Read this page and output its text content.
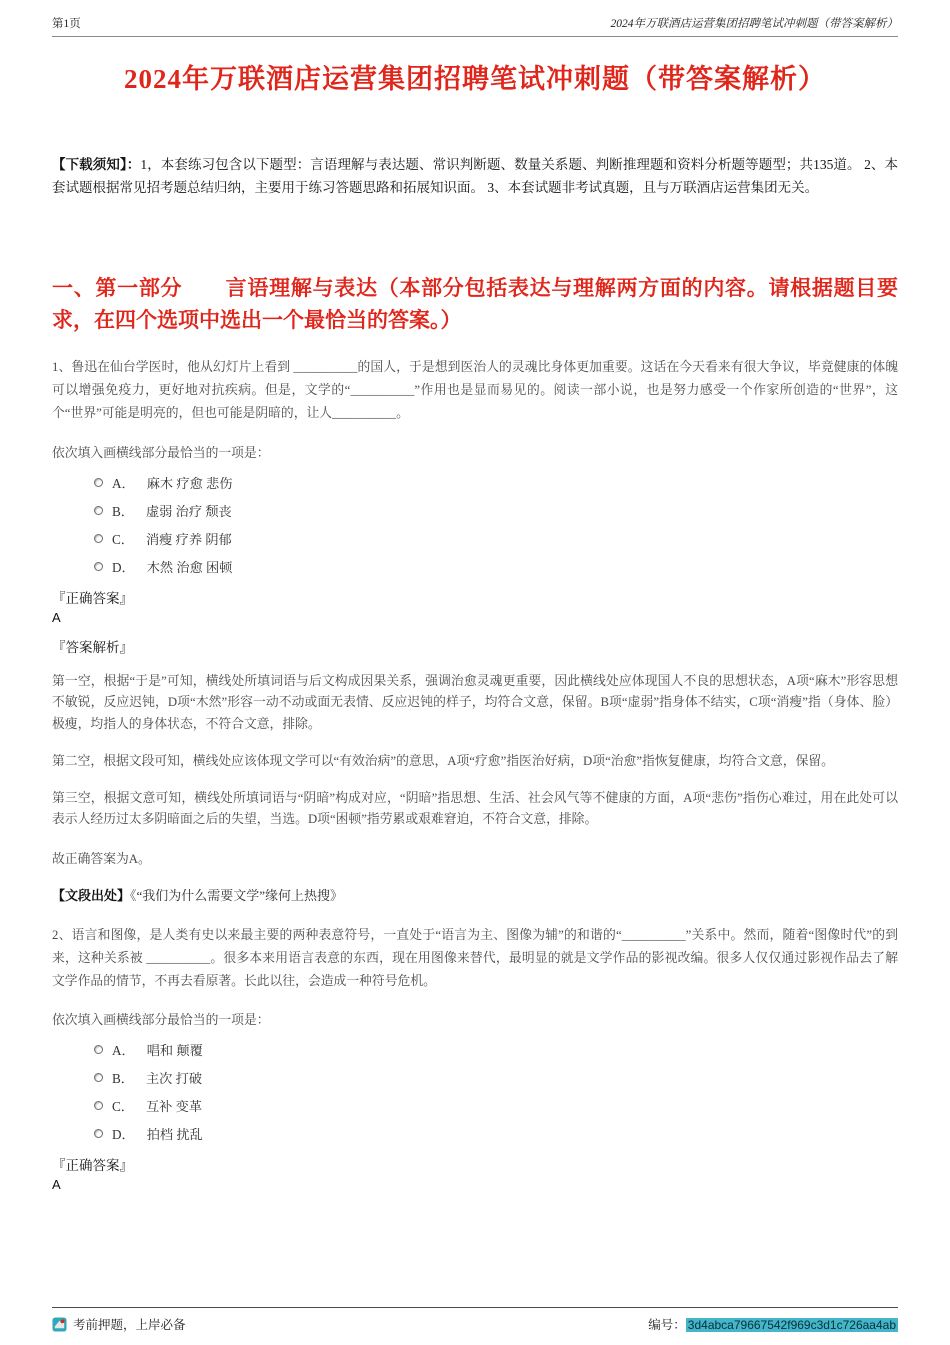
第1页	2024年万联酒店运营集团招聘笔试冲刺题（带答案解析）
2024年万联酒店运营集团招聘笔试冲刺题（带答案解析）

【下载须知】：1，本套练习包含以下题型：言语理解与表达题、常识判断题、数量关系题、判断推理题和资料分析题等题型；共135道。 2、本套试题根据常见招考题总结归纳，主要用于练习答题思路和拓展知识面。 3、本套试题非考试真题，且与万联酒店运营集团无关。

一、第一部分　　言语理解与表达（本部分包括表达与理解两方面的内容。请根据题目要求，在四个选项中选出一个最恰当的答案。）

1、鲁迅在仙台学医时，他从幻灯片上看到 __________的国人，于是想到医治人的灵魂比身体更加重要。这话在今天看来有很大争议，毕竟健康的体魄可以增强免疫力，更好地对抗疾病。但是，文学的“__________”作用也是显而易见的。阅读一部小说，也是努力感受一个作家所创造的“世界”，这个“世界”可能是明亮的，但也可能是阴暗的，让人__________。

依次填入画横线部分最恰当的一项是：

A． 麻木 疗愈 悲伤
B． 虚弱 治疗 颓丧
C． 消瘦 疗养 阴郁
D． 木然 治愈 困顿

『正确答案』

A

『答案解析』

第一空，根据“于是”可知，横线处所填词语与后文构成因果关系，强调治愈灵魂更重要，因此横线处应体现国人不良的思想状态，A项“麻木”形容思想不敏锐，反应迟钝，D项“木然”形容一动不动或面无表情、反应迟钝的样子，均符合文意，保留。B项“虚弱”指身体不结实，C项“消瘦”指（身体、脸）极瘦，均指人的身体状态，不符合文意，排除。

第二空，根据文段可知，横线处应该体现文学可以“有效治病”的意思，A项“疗愈”指医治好病，D项“治愈”指恢复健康，均符合文意，保留。

第三空，根据文意可知，横线处所填词语与“阴暗”构成对应，“阴暗”指思想、生活、社会风气等不健康的方面，A项“悲伤”指伤心难过，用在此处可以表示人经历过太多阴暗面之后的失望，当选。D项“困顿”指劳累或艰难窘迫，不符合文意，排除。

故正确答案为A。

【文段出处】《“我们为什么需要文学”缘何上热搜》

2、语言和图像，是人类有史以来最主要的两种表意符号，一直处于“语言为主、图像为辅”的和谐的“__________”关系中。然而，随着“图像时代”的到来，这种关系被 __________。很多本来用语言表意的东西，现在用图像来替代，最明显的就是文学作品的影视改编。很多人仅仅通过影视作品去了解文学作品的情节，不再去看原著。长此以往，会造成一种符号危机。

依次填入画横线部分最恰当的一项是：

A． 唱和 颠覆
B． 主次 打破
C． 互补 变革
D． 拍档 扰乱

『正确答案』

A

考前押题，上岸必备	编号： 3d4abca79667542f969c3d1c726aa4ab
